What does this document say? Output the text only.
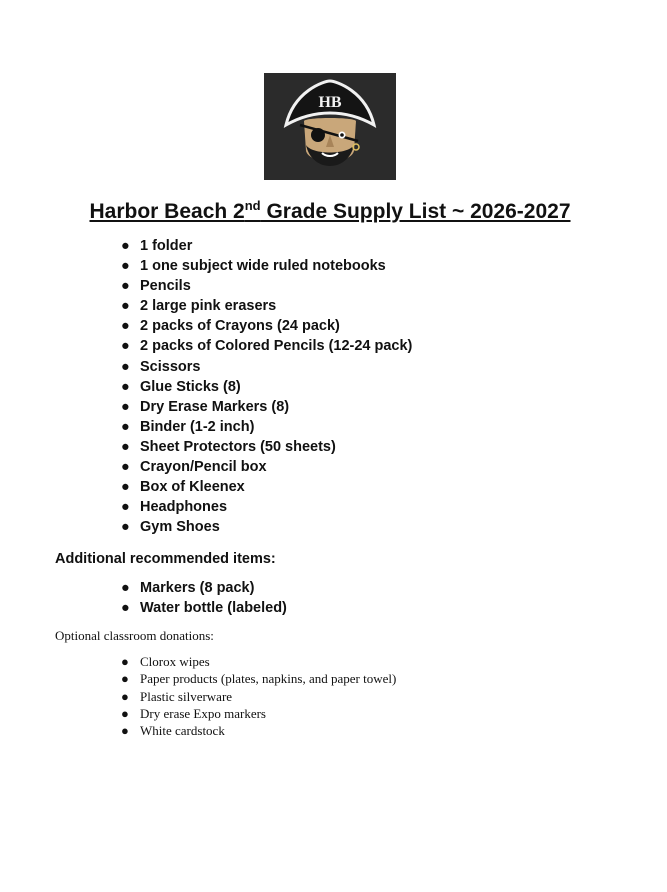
HB
Harbor Beach 2nd Grade Supply List ~ 2026-2027
● 1 folder
● 1 one subject wide ruled notebooks
● Pencils
● 2 large pink erasers
● 2 packs of Crayons (24 pack)
● 2 packs of Colored Pencils (12-24 pack)
● Scissors
● Glue Sticks (8)
● Dry Erase Markers (8)
● Binder (1-2 inch)
● Sheet Protectors (50 sheets)
● Crayon/Pencil box
● Box of Kleenex
● Headphones
● Gym Shoes
Additional recommended items:
● Markers (8 pack)
● Water bottle (labeled)
Optional classroom donations:
● Clorox wipes
● Paper products (plates, napkins, and paper towel)
● Plastic silverware
● Dry erase Expo markers
● White cardstock
